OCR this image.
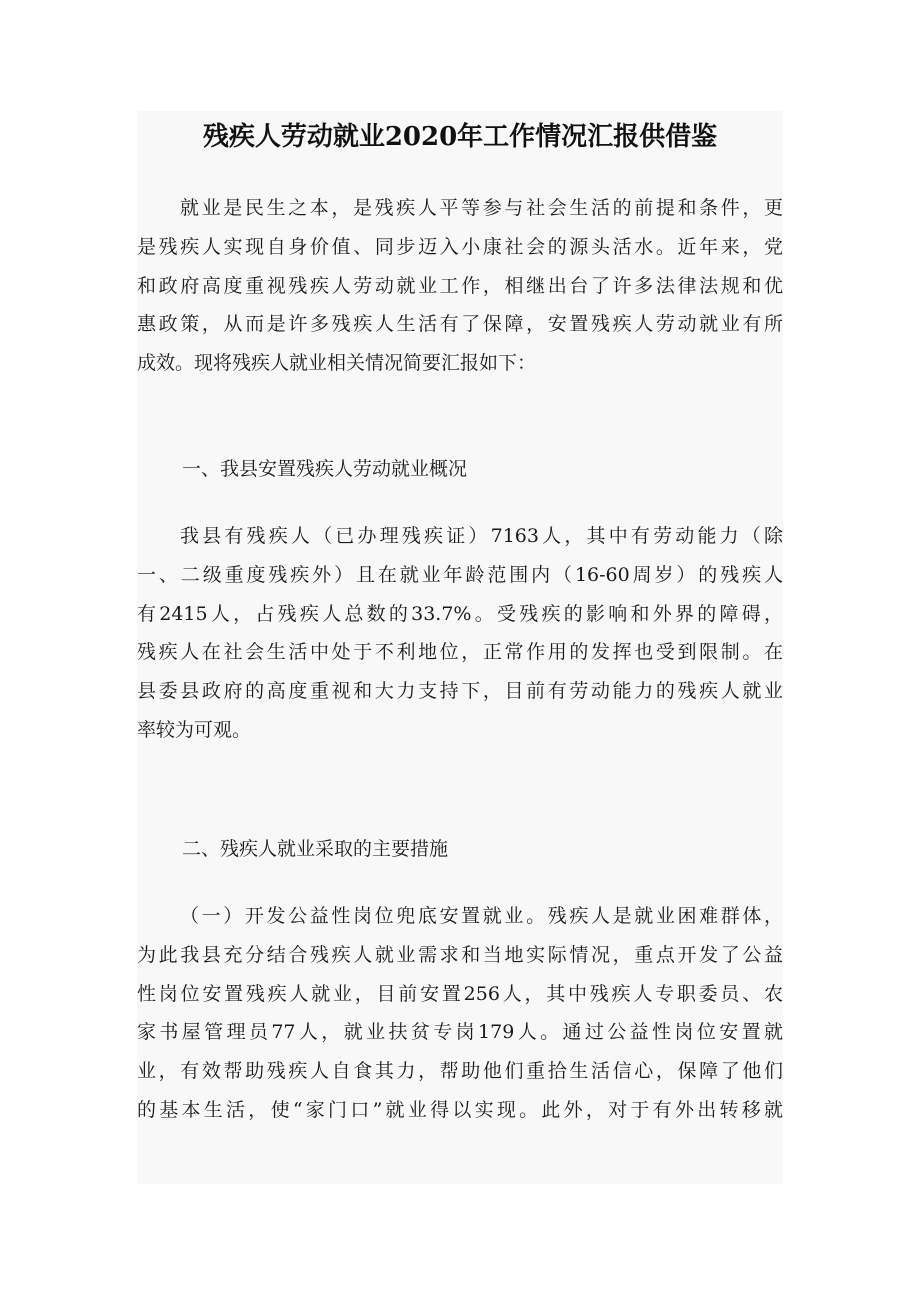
残疾人劳动就业2020年工作情况汇报供借鉴
就业是民生之本，是残疾人平等参与社会生活的前提和条件，更
是残疾人实现自身价值、同步迈入小康社会的源头活水。近年来，党
和政府高度重视残疾人劳动就业工作，相继出台了许多法律法规和优
惠政策，从而是许多残疾人生活有了保障，安置残疾人劳动就业有所
成效。现将残疾人就业相关情况简要汇报如下：
一、我县安置残疾人劳动就业概况
我县有残疾人（已办理残疾证）7163人，其中有劳动能力（除
一、二级重度残疾外）且在就业年龄范围内（16-60周岁）的残疾人
有2415人，占残疾人总数的33.7%。受残疾的影响和外界的障碍，
残疾人在社会生活中处于不利地位，正常作用的发挥也受到限制。在
县委县政府的高度重视和大力支持下，目前有劳动能力的残疾人就业
率较为可观。
二、残疾人就业采取的主要措施
（一）开发公益性岗位兜底安置就业。残疾人是就业困难群体，
为此我县充分结合残疾人就业需求和当地实际情况，重点开发了公益
性岗位安置残疾人就业，目前安置256人，其中残疾人专职委员、农
家书屋管理员77人，就业扶贫专岗179人。通过公益性岗位安置就
业，有效帮助残疾人自食其力，帮助他们重拾生活信心，保障了他们
的基本生活，使“家门口”就业得以实现。此外，对于有外出转移就
